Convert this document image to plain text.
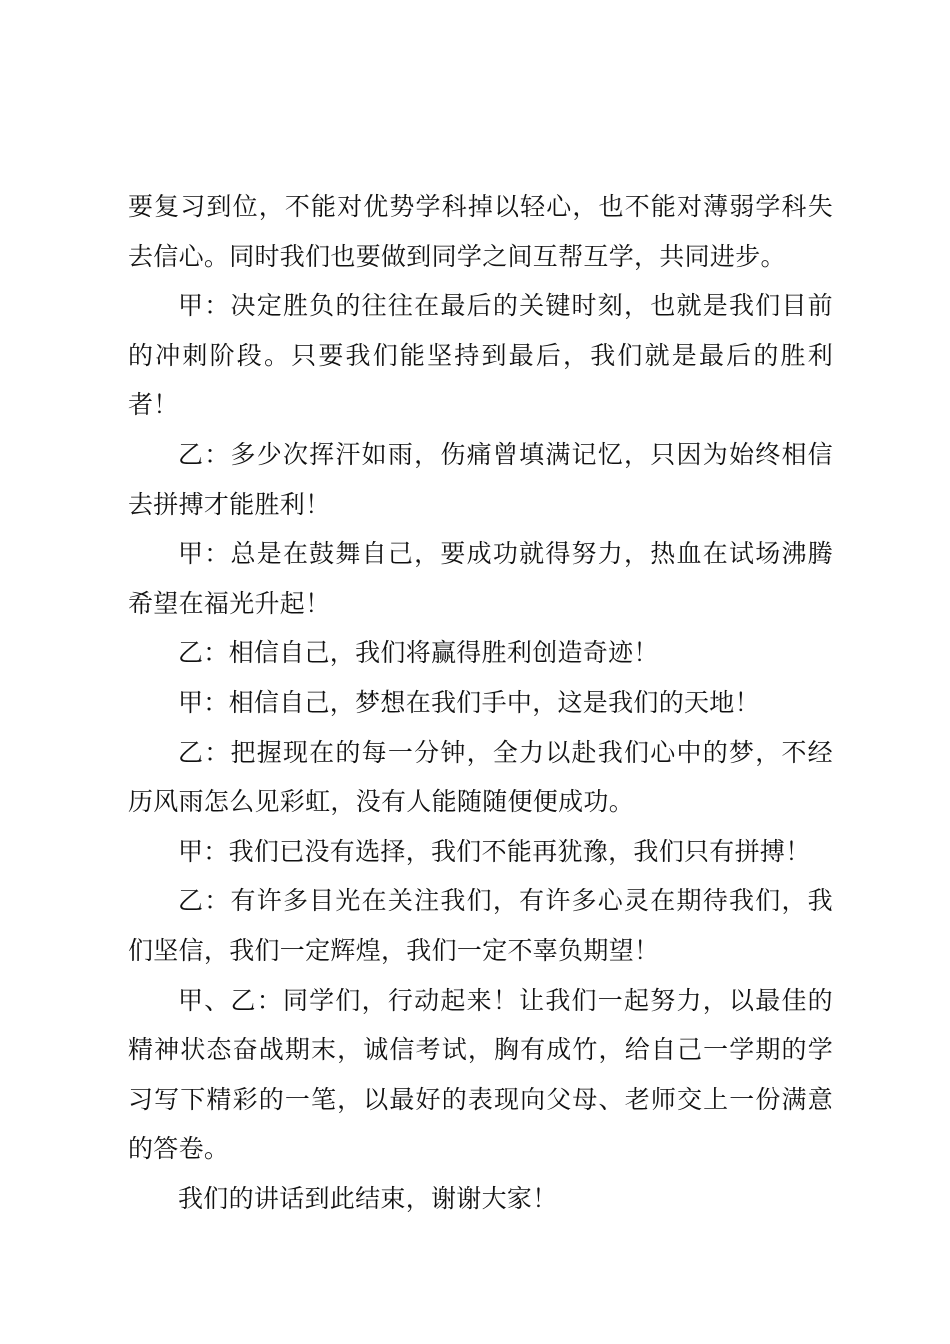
要复习到位，不能对优势学科掉以轻心，也不能对薄弱学科失去信心。同时我们也要做到同学之间互帮互学，共同进步。

甲：决定胜负的往往在最后的关键时刻，也就是我们目前的冲刺阶段。只要我们能坚持到最后，我们就是最后的胜利者！

乙：多少次挥汗如雨，伤痛曾填满记忆，只因为始终相信去拼搏才能胜利！

甲：总是在鼓舞自己，要成功就得努力，热血在试场沸腾希望在福光升起！

乙：相信自己，我们将赢得胜利创造奇迹！

甲：相信自己，梦想在我们手中，这是我们的天地！

乙：把握现在的每一分钟，全力以赴我们心中的梦，不经历风雨怎么见彩虹，没有人能随随便便成功。

甲：我们已没有选择，我们不能再犹豫，我们只有拼搏！

乙：有许多目光在关注我们，有许多心灵在期待我们，我们坚信，我们一定辉煌，我们一定不辜负期望！

甲、乙：同学们，行动起来！让我们一起努力，以最佳的精神状态奋战期末，诚信考试，胸有成竹，给自己一学期的学习写下精彩的一笔，以最好的表现向父母、老师交上一份满意的答卷。

我们的讲话到此结束，谢谢大家！
